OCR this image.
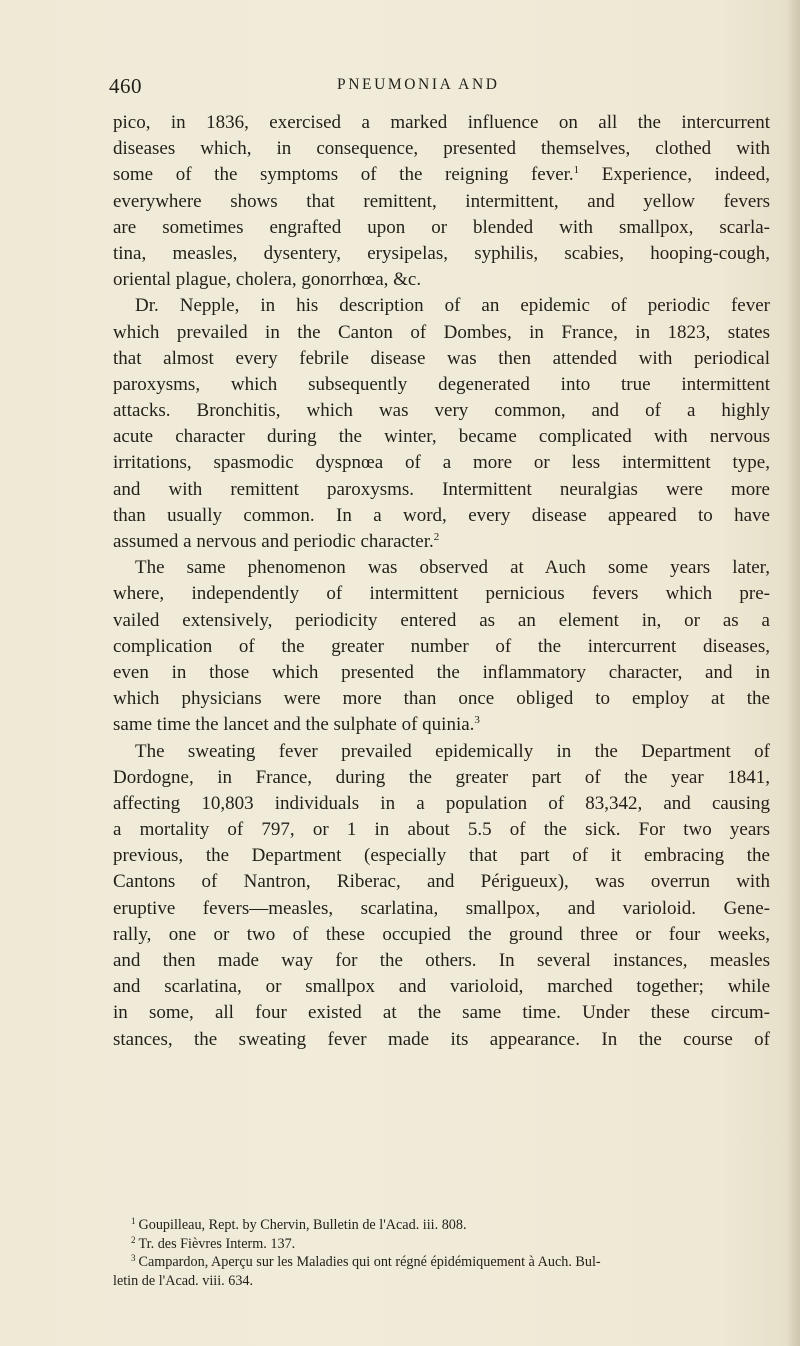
460	PNEUMONIA AND
pico, in 1836, exercised a marked influence on all the intercurrent
diseases which, in consequence, presented themselves, clothed with
some of the symptoms of the reigning fever.$^1$ Experience, indeed,
everywhere shows that remittent, intermittent, and yellow fevers
are sometimes engrafted upon or blended with smallpox, scarla-
tina, measles, dysentery, erysipelas, syphilis, scabies, hooping-cough,
oriental plague, cholera, gonorrhœa, &c.
Dr. Nepple, in his description of an epidemic of periodic fever
which prevailed in the Canton of Dombes, in France, in 1823, states
that almost every febrile disease was then attended with periodical
paroxysms, which subsequently degenerated into true intermittent
attacks. Bronchitis, which was very common, and of a highly
acute character during the winter, became complicated with nervous
irritations, spasmodic dyspnœa of a more or less intermittent type,
and with remittent paroxysms. Intermittent neuralgias were more
than usually common. In a word, every disease appeared to have
assumed a nervous and periodic character.$^2$
The same phenomenon was observed at Auch some years later,
where, independently of intermittent pernicious fevers which pre-
vailed extensively, periodicity entered as an element in, or as a
complication of the greater number of the intercurrent diseases,
even in those which presented the inflammatory character, and in
which physicians were more than once obliged to employ at the
same time the lancet and the sulphate of quinia.$^3$
The sweating fever prevailed epidemically in the Department of
Dordogne, in France, during the greater part of the year 1841,
affecting 10,803 individuals in a population of 83,342, and causing
a mortality of 797, or 1 in about 5.5 of the sick. For two years
previous, the Department (especially that part of it embracing the
Cantons of Nantron, Riberac, and Périgueux), was overrun with
eruptive fevers—measles, scarlatina, smallpox, and varioloid. Gene-
rally, one or two of these occupied the ground three or four weeks,
and then made way for the others. In several instances, measles
and scarlatina, or smallpox and varioloid, marched together; while
in some, all four existed at the same time. Under these circum-
stances, the sweating fever made its appearance. In the course of
$^1$ Goupilleau, Rept. by Chervin, Bulletin de l'Acad. iii. 808.
$^2$ Tr. des Fièvres Interm. 137.
$^3$ Campardon, Aperçu sur les Maladies qui ont régné épidémiquement à Auch. Bul-
letin de l'Acad. viii. 634.
